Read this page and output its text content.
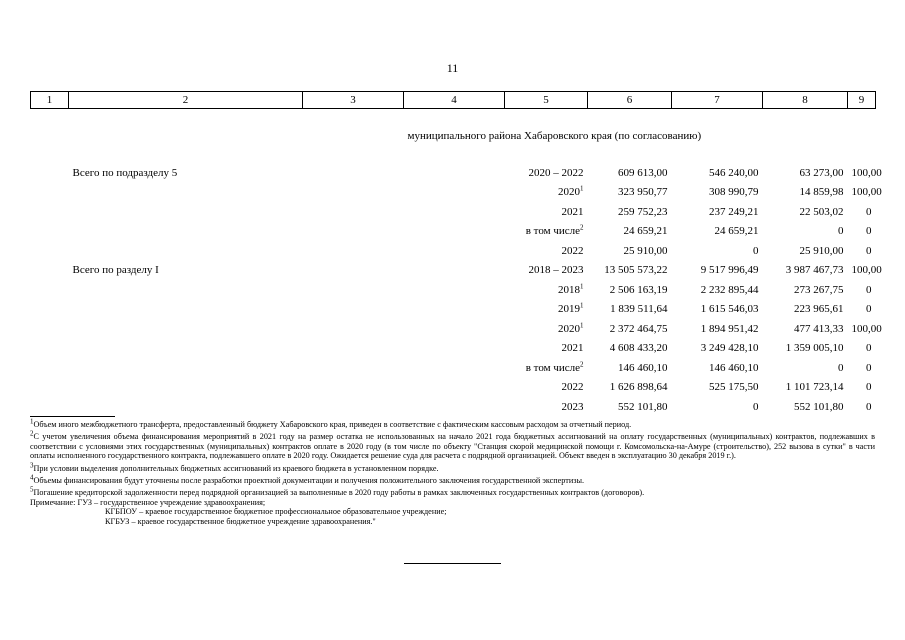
11
1	2	3	4	5	6	7	8	9
			муниципального района Хабаровского края (по согласованию)					
	Всего по подразделу 5			2020 – 2022	609 613,00	546 240,00	63 273,00	100,00
				2020$^1$	323 950,77	308 990,79	14 859,98	100,00
				2021	259 752,23	237 249,21	22 503,02	0
				в том числе$^2$	24 659,21	24 659,21	0	0
				2022	25 910,00	0	25 910,00	0
	Всего по разделу I			2018 – 2023	13 505 573,22	9 517 996,49	3 987 467,73	100,00
				2018$^1$	2 506 163,19	2 232 895,44	273 267,75	0
				2019$^1$	1 839 511,64	1 615 546,03	223 965,61	0
				2020$^1$	2 372 464,75	1 894 951,42	477 413,33	100,00
				2021	4 608 433,20	3 249 428,10	1 359 005,10	0
				в том числе$^2$	146 460,10	146 460,10	0	0
				2022	1 626 898,64	525 175,50	1 101 723,14	0
				2023	552 101,80	0	552 101,80	0

$^1$Объем иного межбюджетного трансферта, предоставленный бюджету Хабаровского края, приведен в соответствие с фактическим кассовым расходом за отчетный период.

$^2$С учетом увеличения объема финансирования мероприятий в 2021 году на размер остатка не использованных на начало 2021 года бюджетных ассигнований на оплату государственных (муниципальных) контрактов, подлежавших в соответствии с условиями этих государственных (муниципальных) контрактов оплате в 2020 году (в том числе по объекту "Станция скорой медицинской помощи г. Комсомольска-на-Амуре (строительство), 252 вызова в сутки" в части оплаты исполненного государственного контракта, подлежавшего оплате в 2020 году. Ожидается решение суда для расчета с подрядной организацией. Объект введен в эксплуатацию 30 декабря 2019 г.).

$^3$При условии выделения дополнительных бюджетных ассигнований из краевого бюджета в установленном порядке.

$^4$Объемы финансирования будут уточнены после разработки проектной документации и получения положительного заключения государственной экспертизы.

$^5$Погашение кредиторской задолженности перед подрядной организацией за выполненные в 2020 году работы в рамках заключенных государственных контрактов (договоров).

Примечание: ГУЗ – государственное учреждение здравоохранения;

КГБПОУ – краевое государственное бюджетное профессиональное образовательное учреждение;

КГБУЗ – краевое государственное бюджетное учреждение здравоохранения."
